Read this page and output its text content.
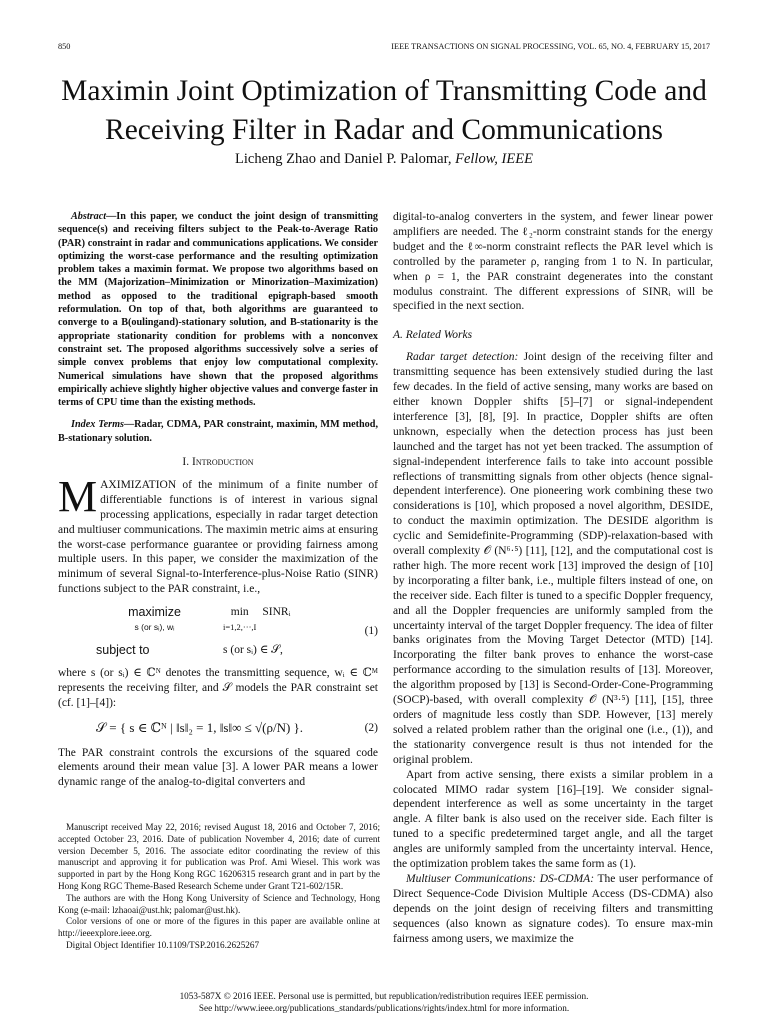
850	IEEE TRANSACTIONS ON SIGNAL PROCESSING, VOL. 65, NO. 4, FEBRUARY 15, 2017
Maximin Joint Optimization of Transmitting Code and Receiving Filter in Radar and Communications
Licheng Zhao and Daniel P. Palomar, Fellow, IEEE

Abstract—In this paper, we conduct the joint design of transmitting sequence(s) and receiving filters subject to the Peak-to-Average Ratio (PAR) constraint in radar and communications applications. We consider optimizing the worst-case performance and the resulting optimization problem takes a maximin format. We propose two algorithms based on the MM (Majorization–Minimization or Minorization–Maximization) method as opposed to the traditional epigraph-based smooth reformulation. On top of that, both algorithms are guaranteed to converge to a B(oulingand)-stationary solution, and B-stationarity is the appropriate stationarity condition for problems with a nonconvex constraint set. The proposed algorithms successively solve a series of simple convex problems that enjoy low computational complexity. Numerical simulations have shown that the proposed algorithms empirically achieve slightly higher objective values and converge faster in terms of CPU time than the existing methods.

Index Terms—Radar, CDMA, PAR constraint, maximin, MM method, B-stationary solution.

I. Introduction

MAXIMIZATION of the minimum of a finite number of differentiable functions is of interest in various signal processing applications, especially in radar target detection and multiuser communications. The maximin metric aims at ensuring the worst-case performance guarantee or providing fairness among multiple users. In this paper, we consider the maximization of the minimum of several Signal-to-Interference-plus-Noise Ratio (SINR) functions subject to the PAR constraint, i.e.,

maximize
s (or sᵢ), wᵢ
min
i=1,2,···,I
SINRᵢ
subject to	s (or sᵢ) ∈ 𝒮,
(1)

where s (or sᵢ) ∈ ℂᴺ denotes the transmitting sequence, wᵢ ∈ ℂᴹ represents the receiving filter, and 𝒮 models the PAR constraint set (cf. [1]–[4]):

𝒮 = { s ∈ ℂᴺ | ‖s‖₂ = 1, ‖s‖∞ ≤ √(ρ/N) }.	(2)

The PAR constraint controls the excursions of the squared code elements around their mean value [3]. A lower PAR means a lower dynamic range of the analog-to-digital converters and

Manuscript received May 22, 2016; revised August 18, 2016 and October 7, 2016; accepted October 23, 2016. Date of publication November 4, 2016; date of current version December 5, 2016. The associate editor coordinating the review of this manuscript and approving it for publication was Prof. Ami Wiesel. This work was supported in part by the Hong Kong RGC 16206315 research grant and in part by the Hong Kong RGC Theme-Based Research Scheme under Grant T21-602/15R.

The authors are with the Hong Kong University of Science and Technology, Hong Kong (e-mail: lzhaoai@ust.hk; palomar@ust.hk).

Color versions of one or more of the figures in this paper are available online at http://ieeexplore.ieee.org.

Digital Object Identifier 10.1109/TSP.2016.2625267

digital-to-analog converters in the system, and fewer linear power amplifiers are needed. The ℓ₂-norm constraint stands for the energy budget and the ℓ∞-norm constraint reflects the PAR level which is controlled by the parameter ρ, ranging from 1 to N. In particular, when ρ = 1, the PAR constraint degenerates into the constant modulus constraint. The different expressions of SINRᵢ will be specified in the next section.

A. Related Works

Radar target detection: Joint design of the receiving filter and transmitting sequence has been extensively studied during the last few decades. In the field of active sensing, many works are based on either known Doppler shifts [5]–[7] or signal-independent interference [3], [8], [9]. In practice, Doppler shifts are often unknown, especially when the detection process has just been launched and the target has not yet been tracked. The assumption of signal-independent interference fails to take into account possible reflections of transmitting signals from other objects (hence signal-dependent interference). One pioneering work combining these two considerations is [10], which proposed a novel algorithm, DESIDE, to conduct the maximin optimization. The DESIDE algorithm is cyclic and Semidefinite-Programming (SDP)-relaxation-based with overall complexity 𝒪 (N⁶·⁵) [11], [12], and the computational cost is rather high. The more recent work [13] improved the design of [10] by incorporating a filter bank, i.e., multiple filters instead of one, on the receiver side. Each filter is tuned to a specific Doppler frequency, and all the Doppler frequencies are uniformly sampled from the uncertainty interval of the target Doppler frequency. The idea of filter banks originates from the Moving Target Detector (MTD) [14]. Incorporating the filter bank proves to enhance the worst-case performance according to the simulation results of [13]. Moreover, the algorithm proposed by [13] is Second-Order-Cone-Programming (SOCP)-based, with overall complexity 𝒪 (N³·⁵) [11], [15], three orders of magnitude less costly than SDP. However, [13] merely solved a related problem rather than the original one (i.e., (1)), and the stationarity convergence result is thus not intended for the original problem.

Apart from active sensing, there exists a similar problem in a colocated MIMO radar system [16]–[19]. We consider signal-dependent interference as well as some uncertainty in the target angle. A filter bank is also used on the receiver side. Each filter is tuned to a specific predetermined target angle, and all the target angles are uniformly sampled from the uncertainty interval. Hence, the optimization problem takes the same form as (1).

Multiuser Communications: DS-CDMA: The user performance of Direct Sequence-Code Division Multiple Access (DS-CDMA) also depends on the joint design of receiving filters and transmitting sequences (also known as signature codes). To ensure max-min fairness among users, we maximize the

1053-587X © 2016 IEEE. Personal use is permitted, but republication/redistribution requires IEEE permission.
See http://www.ieee.org/publications_standards/publications/rights/index.html for more information.
